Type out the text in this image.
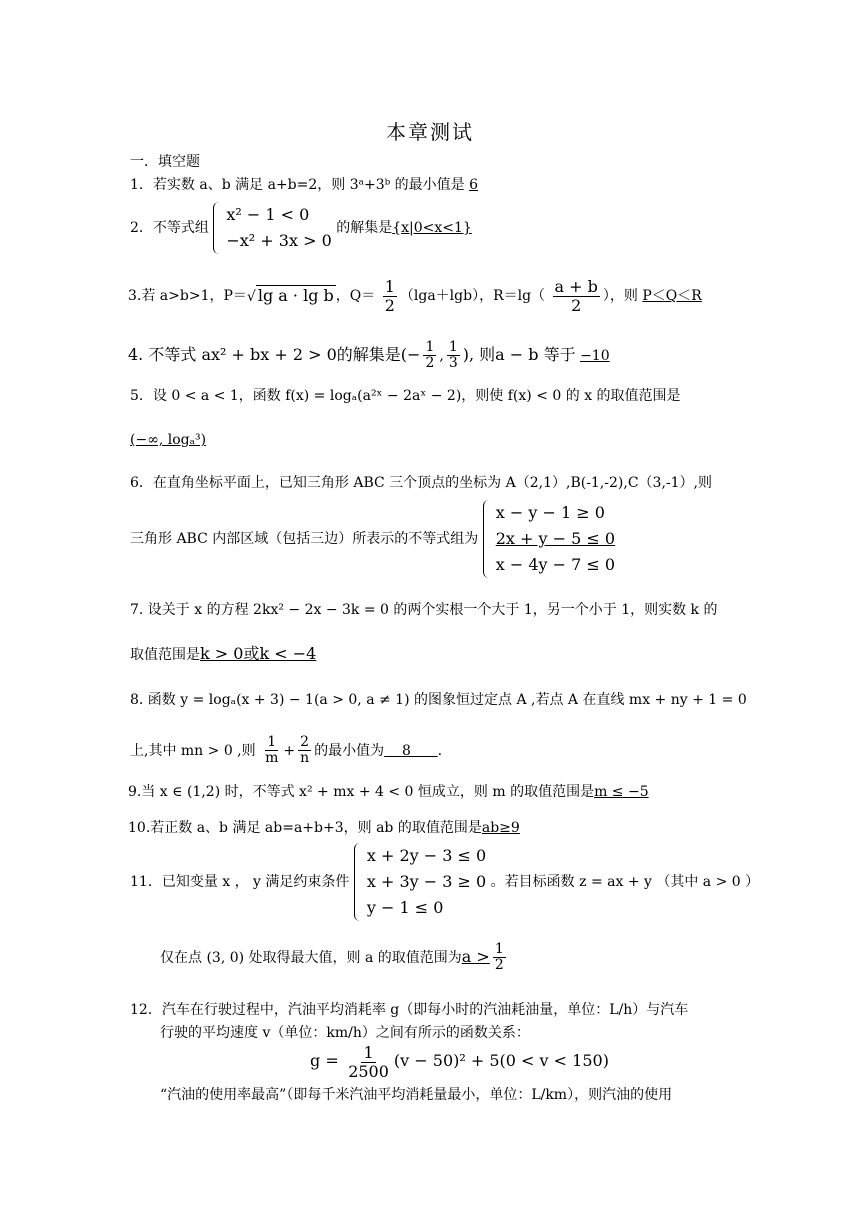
本章测试
一．填空题
1．若实数 a、b 满足 a+b=2，则 3ᵃ+3ᵇ 的最小值是 6
2．不等式组
x² − 1 < 0
−x² + 3x > 0
的解集是{x|0<x<1}
3.若 a>b>1，P＝√ lg a · lg b ，$Q= \frac{1}{2} (\lg a+\lg b)$，$R=\lg( \frac{a + b}{2}$ ），则 P＜Q＜R
4. 不等式 ax² + bx + 2 > 0的解集是(− $\frac{1}{2}$ , $\frac{1}{3}$ ), 则a − b 等于 −10
5．设 0 < a < 1，函数 f(x) = logₐ(a²ˣ − 2aˣ − 2)，则使 f(x) < 0 的 x 的取值范围是
(−∞, logₐ³)
6．在直角坐标平面上，已知三角形 ABC 三个顶点的坐标为 A（2,1）,B(-1,-2),C（3,-1）,则
三角形 ABC 内部区域（包括三边）所表示的不等式组为
x − y − 1 ≥ 0
2x + y − 5 ≤ 0
x − 4y − 7 ≤ 0
7. 设关于 x 的方程 2kx² − 2x − 3k = 0 的两个实根一个大于 1，另一个小于 1，则实数 k 的
取值范围是k > 0或k < −4
8. 函数 y = logₐ(x + 3) − 1(a > 0, a ≠ 1) 的图象恒过定点 A ,若点 A 在直线 mx + ny + 1 = 0
上,其中 mn > 0 ,则 $\frac{1}{m} + \frac{2}{n}$ 的最小值为 8 .
9.当 x ∈ (1,2) 时，不等式 x² + mx + 4 < 0 恒成立，则 m 的取值范围是m ≤ −5
10.若正数 a、b 满足 ab=a+b+3，则 ab 的取值范围是ab≥9
11．已知变量 x ， y 满足约束条件
x + 2y − 3 ≤ 0
x + 3y − 3 ≥ 0
y − 1 ≤ 0
。若目标函数 z = ax + y （其中 a > 0 ）
仅在点 (3, 0) 处取得最大值，则 a 的取值范围为$a > \frac{1}{2}$
12．汽车在行驶过程中，汽油平均消耗率 g（即每小时的汽油耗油量，单位：L/h）与汽车
行驶的平均速度 v（单位：km/h）之间有所示的函数关系：
$g = \frac{1}{2500} (v - 50)^2 + 5(0 < v < 150)$
“汽油的使用率最高”（即每千米汽油平均消耗量最小，单位：L/km），则汽油的使用
